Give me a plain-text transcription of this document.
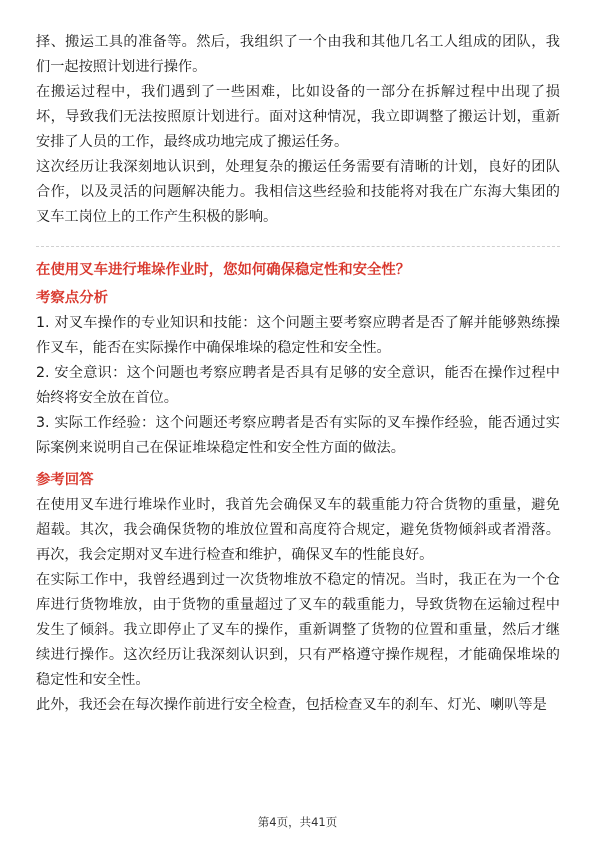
择、搬运工具的准备等。然后，我组织了一个由我和其他几名工人组成的团队，我们一起按照计划进行操作。

在搬运过程中，我们遇到了一些困难，比如设备的一部分在拆解过程中出现了损坏，导致我们无法按照原计划进行。面对这种情况，我立即调整了搬运计划，重新安排了人员的工作，最终成功地完成了搬运任务。

这次经历让我深刻地认识到，处理复杂的搬运任务需要有清晰的计划，良好的团队合作，以及灵活的问题解决能力。我相信这些经验和技能将对我在广东海大集团的叉车工岗位上的工作产生积极的影响。

在使用叉车进行堆垛作业时，您如何确保稳定性和安全性？

考察点分析

1. 对叉车操作的专业知识和技能：这个问题主要考察应聘者是否了解并能够熟练操作叉车，能否在实际操作中确保堆垛的稳定性和安全性。

2. 安全意识：这个问题也考察应聘者是否具有足够的安全意识，能否在操作过程中始终将安全放在首位。

3. 实际工作经验：这个问题还考察应聘者是否有实际的叉车操作经验，能否通过实际案例来说明自己在保证堆垛稳定性和安全性方面的做法。

参考回答

在使用叉车进行堆垛作业时，我首先会确保叉车的载重能力符合货物的重量，避免超载。其次，我会确保货物的堆放位置和高度符合规定，避免货物倾斜或者滑落。再次，我会定期对叉车进行检查和维护，确保叉车的性能良好。

在实际工作中，我曾经遇到过一次货物堆放不稳定的情况。当时，我正在为一个仓库进行货物堆放，由于货物的重量超过了叉车的载重能力，导致货物在运输过程中发生了倾斜。我立即停止了叉车的操作，重新调整了货物的位置和重量，然后才继续进行操作。这次经历让我深刻认识到，只有严格遵守操作规程，才能确保堆垛的稳定性和安全性。

此外，我还会在每次操作前进行安全检查，包括检查叉车的刹车、灯光、喇叭等是

第4页，共41页
